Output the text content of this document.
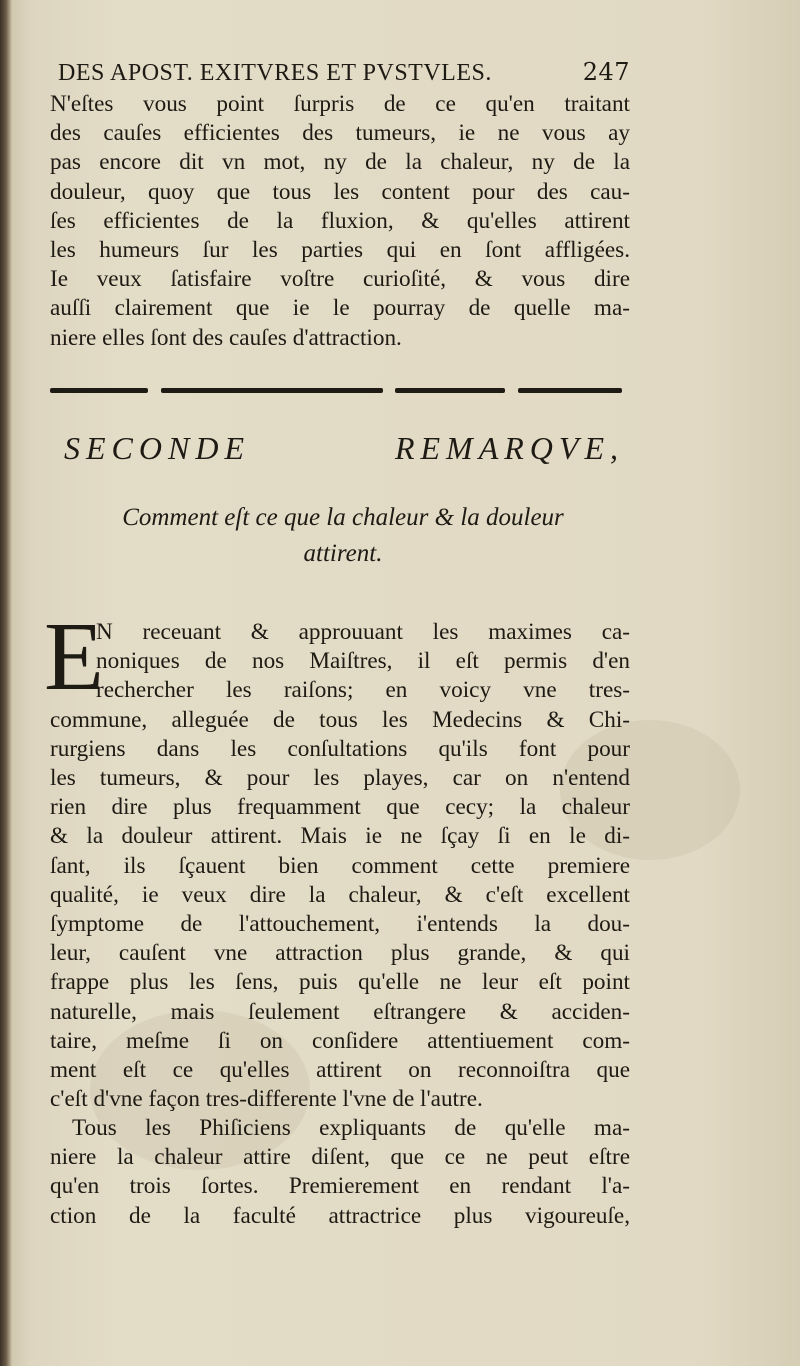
DES APOST. EXITVRES ET PVSTVLES.	247
N'eſtes vous point ſurpris de ce qu'en traitant
des cauſes efficientes des tumeurs, ie ne vous ay
pas encore dit vn mot, ny de la chaleur, ny de la
douleur, quoy que tous les content pour des cau-
ſes efficientes de la fluxion, & qu'elles attirent
les humeurs ſur les parties qui en ſont affligées.
Ie veux ſatisfaire voſtre curioſité, & vous dire
auſſi clairement que ie le pourray de quelle ma-
niere elles ſont des cauſes d'attraction.
SECONDE	REMARQVE,
Comment eſt ce que la chaleur & la douleur
attirent.
E
N receuant & approuuant les maximes ca-
noniques de nos Maiſtres, il eſt permis d'en
rechercher les raiſons; en voicy vne tres-
commune, alleguée de tous les Medecins & Chi-
rurgiens dans les conſultations qu'ils font pour
les tumeurs, & pour les playes, car on n'entend
rien dire plus frequamment que cecy; la chaleur
& la douleur attirent. Mais ie ne ſçay ſi en le di-
ſant, ils ſçauent bien comment cette premiere
qualité, ie veux dire la chaleur, & c'eſt excellent
ſymptome de l'attouchement, i'entends la dou-
leur, cauſent vne attraction plus grande, & qui
frappe plus les ſens, puis qu'elle ne leur eſt point
naturelle, mais ſeulement eſtrangere & acciden-
taire, meſme ſi on conſidere attentiuement com-
ment eſt ce qu'elles attirent on reconnoiſtra que
c'eſt d'vne façon tres-differente l'vne de l'autre.
Tous les Phiſiciens expliquants de qu'elle ma-
niere la chaleur attire diſent, que ce ne peut eſtre
qu'en trois ſortes. Premierement en rendant l'a-
ction de la faculté attractrice plus vigoureuſe,
